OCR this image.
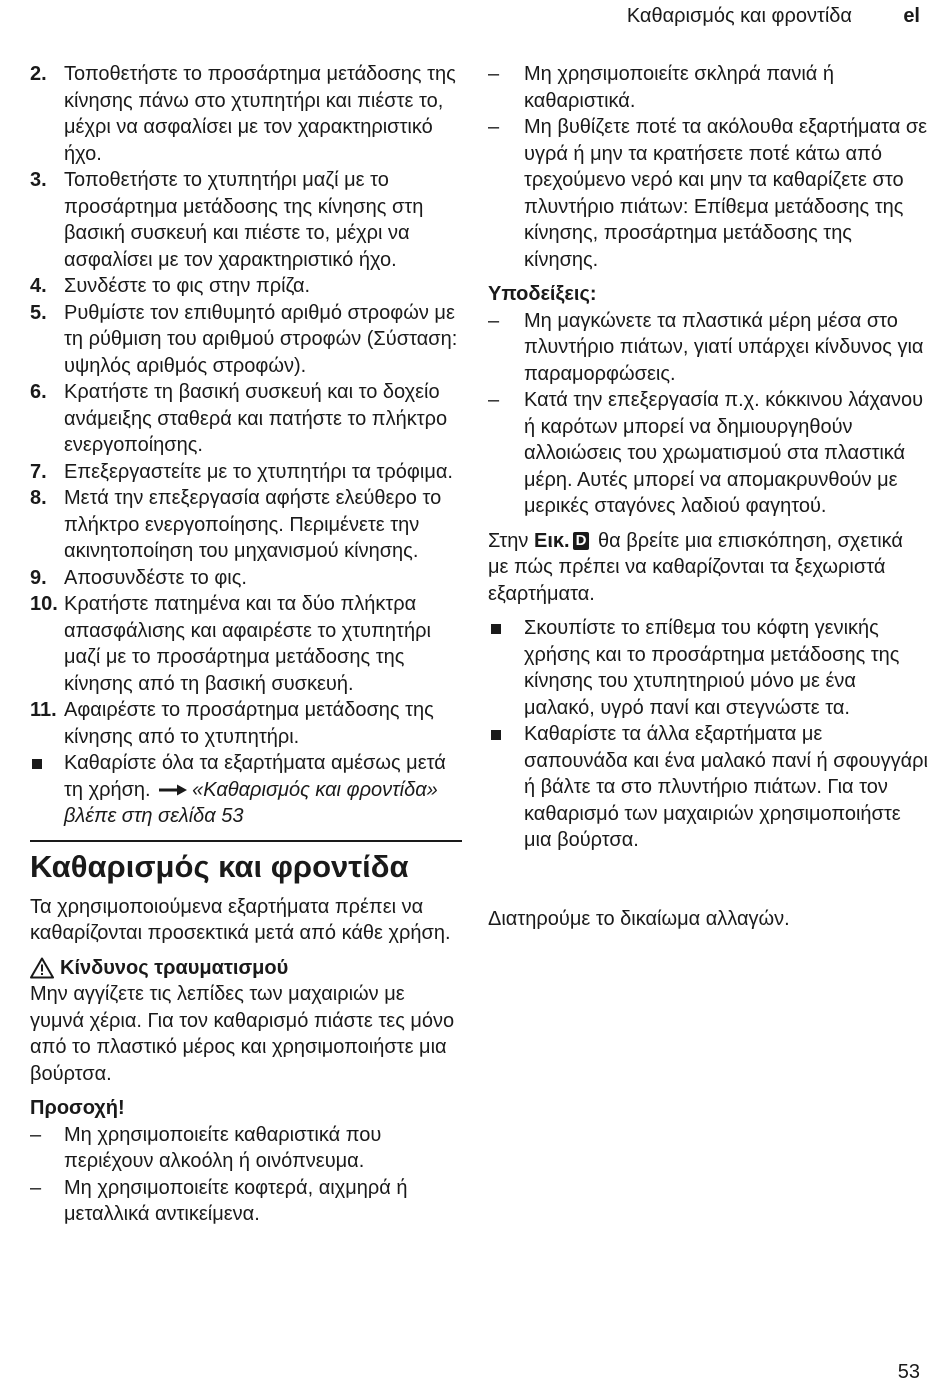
Καθαρισμός και φροντίδα	el
2. Τοποθετήστε το προσάρτημα μετάδοσης της κίνησης πάνω στο χτυπητήρι και πιέστε το, μέχρι να ασφαλίσει με τον χαρακτηριστικό ήχο.
3. Τοποθετήστε το χτυπητήρι μαζί με το προσάρτημα μετάδοσης της κίνησης στη βασική συσκευή και πιέστε το, μέχρι να ασφαλίσει με τον χαρακτηριστικό ήχο.
4. Συνδέστε το φις στην πρίζα.
5. Ρυθμίστε τον επιθυμητό αριθμό στροφών με τη ρύθμιση του αριθμού στροφών (Σύσταση: υψηλός αριθμός στροφών).
6. Κρατήστε τη βασική συσκευή και το δοχείο ανάμειξης σταθερά και πατήστε το πλήκτρο ενεργοποίησης.
7. Επεξεργαστείτε με το χτυπητήρι τα τρόφιμα.
8. Μετά την επεξεργασία αφήστε ελεύθερο το πλήκτρο ενεργοποίησης. Περιμένετε την ακινητοποίηση του μηχανισμού κίνησης.
9. Αποσυνδέστε το φις.
10. Κρατήστε πατημένα και τα δύο πλήκτρα απασφάλισης και αφαιρέστε το χτυπητήρι μαζί με το προσάρτημα μετάδοσης της κίνησης από τη βασική συσκευή.
11. Αφαιρέστε το προσάρτημα μετάδοσης της κίνησης από το χτυπητήρι.
Καθαρίστε όλα τα εξαρτήματα αμέσως μετά τη χρήση. «Καθαρισμός και φροντίδα» βλέπε στη σελίδα 53
Καθαρισμός και φροντίδα
Τα χρησιμοποιούμενα εξαρτήματα πρέπει να καθαρίζονται προσεκτικά μετά από κάθε χρήση.
Κίνδυνος τραυματισμού
Μην αγγίζετε τις λεπίδες των μαχαιριών με γυμνά χέρια. Για τον καθαρισμό πιάστε τες μόνο από το πλαστικό μέρος και χρησιμοποιήστε μια βούρτσα.
Προσοχή!
– Μη χρησιμοποιείτε καθαριστικά που περιέχουν αλκοόλη ή οινόπνευμα.
– Μη χρησιμοποιείτε κοφτερά, αιχμηρά ή μεταλλικά αντικείμενα.
– Μη χρησιμοποιείτε σκληρά πανιά ή καθαριστικά.
– Μη βυθίζετε ποτέ τα ακόλουθα εξαρτήματα σε υγρά ή μην τα κρατήσετε ποτέ κάτω από τρεχούμενο νερό και μην τα καθαρίζετε στο πλυντήριο πιάτων: Επίθεμα μετάδοσης της κίνησης, προσάρτημα μετάδοσης της κίνησης.
Υποδείξεις:
– Μη μαγκώνετε τα πλαστικά μέρη μέσα στο πλυντήριο πιάτων, γιατί υπάρχει κίνδυνος για παραμορφώσεις.
– Κατά την επεξεργασία π.χ. κόκκινου λάχανου ή καρότων μπορεί να δημιουργηθούν αλλοιώσεις του χρωματισμού στα πλαστικά μέρη. Αυτές μπορεί να απομακρυνθούν με μερικές σταγόνες λαδιού φαγητού.
Στην Εικ. D θα βρείτε μια επισκόπηση, σχετικά με πώς πρέπει να καθαρίζονται τα ξεχωριστά εξαρτήματα.
Σκουπίστε το επίθεμα του κόφτη γενικής χρήσης και το προσάρτημα μετάδοσης της κίνησης του χτυπητηριού μόνο με ένα μαλακό, υγρό πανί και στεγνώστε τα.
Καθαρίστε τα άλλα εξαρτήματα με σαπουνάδα και ένα μαλακό πανί ή σφουγγάρι ή βάλτε τα στο πλυντήριο πιάτων. Για τον καθαρισμό των μαχαιριών χρησιμοποιήστε μια βούρτσα.
Διατηρούμε το δικαίωμα αλλαγών.
53
